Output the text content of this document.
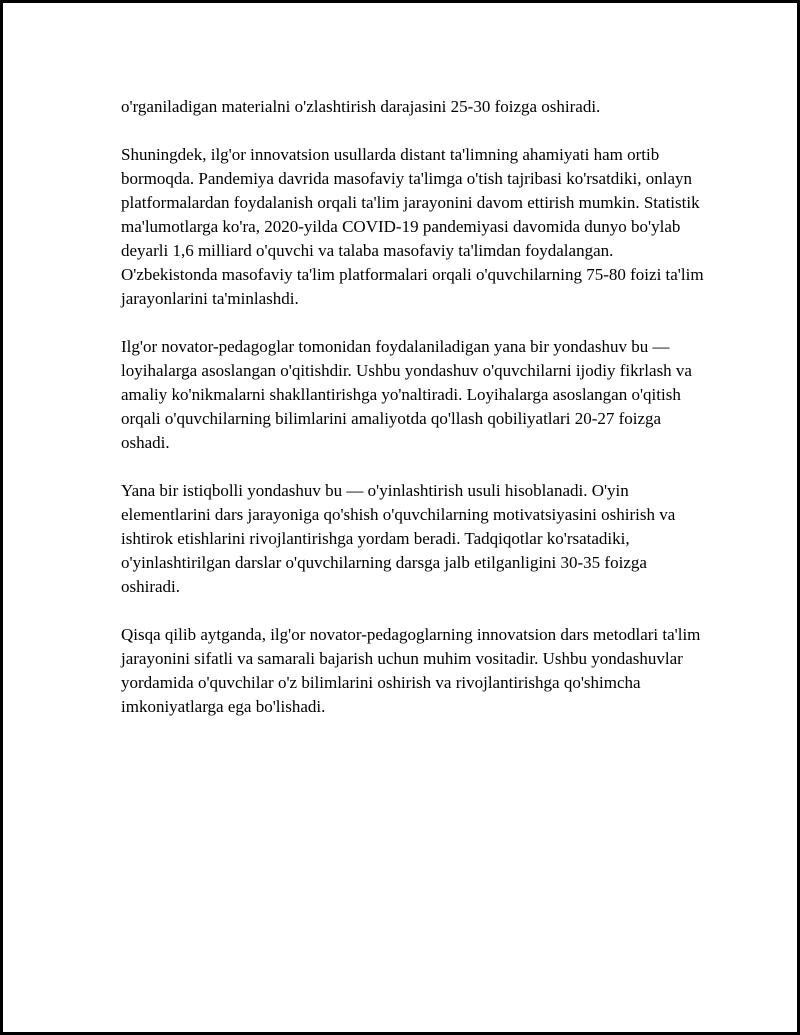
o'rganiladigan materialni o'zlashtirish darajasini 25-30 foizga oshiradi.

Shuningdek, ilg'or innovatsion usullarda distant ta'limning ahamiyati ham ortib bormoqda. Pandemiya davrida masofaviy ta'limga o'tish tajribasi ko'rsatdiki, onlayn platformalardan foydalanish orqali ta'lim jarayonini davom ettirish mumkin. Statistik ma'lumotlarga ko'ra, 2020-yilda COVID-19 pandemiyasi davomida dunyo bo'ylab deyarli 1,6 milliard o'quvchi va talaba masofaviy ta'limdan foydalangan. O'zbekistonda masofaviy ta'lim platformalari orqali o'quvchilarning 75-80 foizi ta'lim jarayonlarini ta'minlashdi.

Ilg'or novator-pedagoglar tomonidan foydalaniladigan yana bir yondashuv bu — loyihalarga asoslangan o'qitishdir. Ushbu yondashuv o'quvchilarni ijodiy fikrlash va amaliy ko'nikmalarni shakllantirishga yo'naltiradi. Loyihalarga asoslangan o'qitish orqali o'quvchilarning bilimlarini amaliyotda qo'llash qobiliyatlari 20-27 foizga oshadi.

Yana bir istiqbolli yondashuv bu — o'yinlashtirish usuli hisoblanadi. O'yin elementlarini dars jarayoniga qo'shish o'quvchilarning motivatsiyasini oshirish va ishtirok etishlarini rivojlantirishga yordam beradi. Tadqiqotlar ko'rsatadiki, o'yinlashtirilgan darslar o'quvchilarning darsga jalb etilganligini 30-35 foizga oshiradi.

Qisqa qilib aytganda, ilg'or novator-pedagoglarning innovatsion dars metodlari ta'lim jarayonini sifatli va samarali bajarish uchun muhim vositadir. Ushbu yondashuvlar yordamida o'quvchilar o'z bilimlarini oshirish va rivojlantirishga qo'shimcha imkoniyatlarga ega bo'lishadi.
